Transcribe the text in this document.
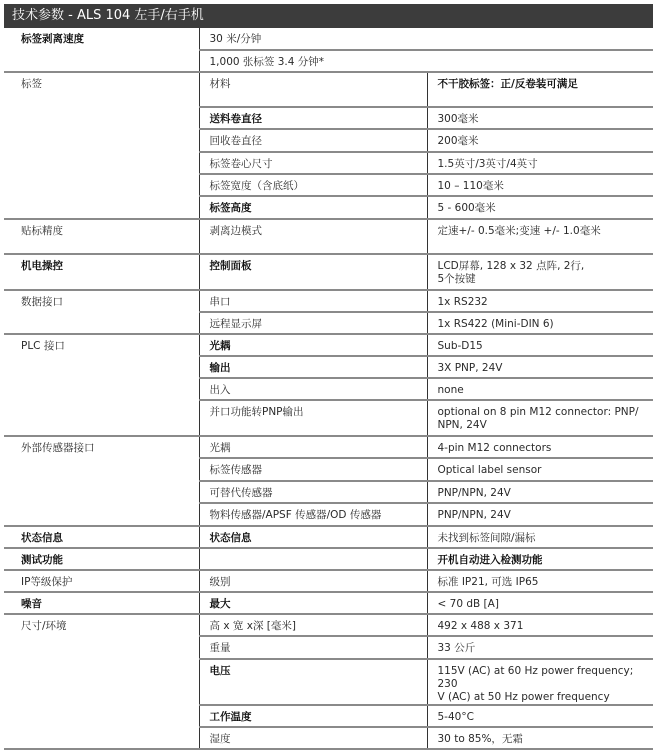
技术参数 - ALS 104 左手/右手机
标签剥离速度	30 米/分钟	
	1,000 张标签 3.4 分钟*	
标签	材料	不干胶标签：正/反卷装可满足

	送料卷直径	300毫米

	回收卷直径	200毫米

	标签卷心尺寸	1.5英寸/3英寸/4英寸

	标签宽度（含底纸）	10 – 110毫米

	标签高度	5 - 600毫米

贴标精度	剥离边模式	定速+/- 0.5毫米;变速 +/- 1.0毫米

机电操控	控制面板	LCD屏幕, 128 x 32 点阵, 2行,
5个按键

数据接口	串口	1x RS232

	远程显示屏	1x RS422 (Mini-DIN 6)

PLC 接口	光耦	Sub-D15

	输出	3X PNP, 24V

	出入	none

	并口功能转PNP输出	optional on 8 pin M12 connector: PNP/
NPN, 24V

外部传感器接口	光耦	4-pin M12 connectors

	标签传感器	Optical label sensor

	可替代传感器	PNP/NPN, 24V

	物料传感器/APSF 传感器/OD 传感器	PNP/NPN, 24V

状态信息	状态信息	未找到标签间隙/漏标

测试功能		开机自动进入检测功能

IP等级保护	级别	标准 IP21, 可选 IP65

噪音	最大	< 70 dB [A]

尺寸/环境	高 x 宽 x深 [毫米]	492 x 488 x 371

	重量	33 公斤

	电压	115V (AC) at 60 Hz power frequency; 230
V (AC) at 50 Hz power frequency

	工作温度	5-40°C

	湿度	30 to 85%，无霜
